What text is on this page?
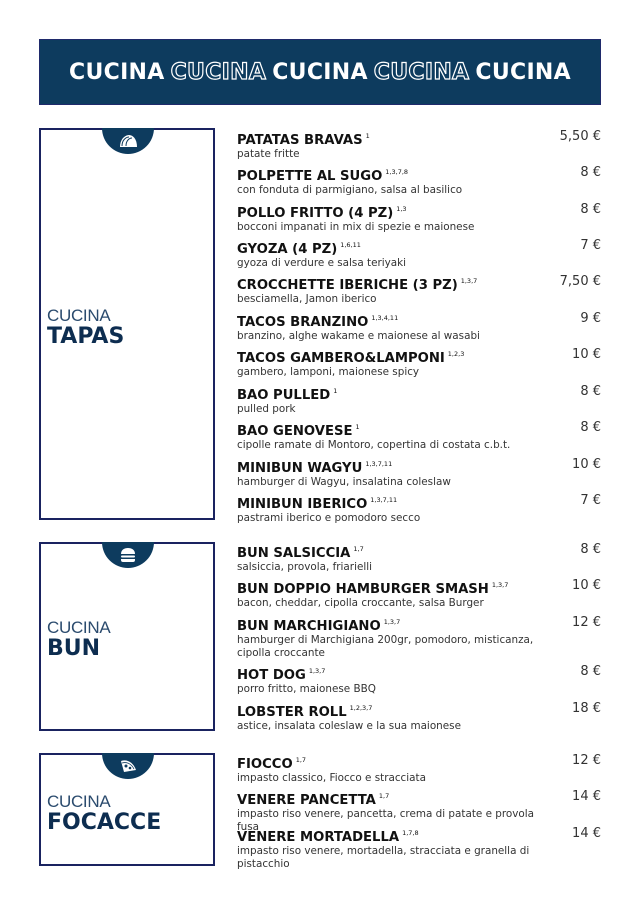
CUCINA CUCINA CUCINA CUCINA CUCINA
CUCINA
TAPAS
CUCINA
BUN
CUCINA
FOCACCE
PATATAS BRAVAS $^1$
patate fritte
5,50 €
POLPETTE AL SUGO $^{1,3,7,8}$
con fonduta di parmigiano, salsa al basilico
8 €
POLLO FRITTO (4 PZ) $^{1,3}$
bocconi impanati in mix di spezie e maionese
8 €
GYOZA (4 PZ) $^{1,6,11}$
gyoza di verdure e salsa teriyaki
7 €
CROCCHETTE IBERICHE (3 PZ) $^{1,3,7}$
besciamella, Jamon iberico
7,50 €
TACOS BRANZINO $^{1,3,4,11}$
branzino, alghe wakame e maionese al wasabi
9 €
TACOS GAMBERO&LAMPONI $^{1,2,3}$
gambero, lamponi, maionese spicy
10 €
BAO PULLED $^1$
pulled pork
8 €
BAO GENOVESE $^1$
cipolle ramate di Montoro, copertina di costata c.b.t.
8 €
MINIBUN WAGYU $^{1,3,7,11}$
hamburger di Wagyu, insalatina coleslaw
10 €
MINIBUN IBERICO $^{1,3,7,11}$
pastrami iberico e pomodoro secco
7 €
BUN SALSICCIA $^{1,7}$
salsiccia, provola, friarielli
8 €
BUN DOPPIO HAMBURGER SMASH $^{1,3,7}$
bacon, cheddar, cipolla croccante, salsa Burger
10 €
BUN MARCHIGIANO $^{1,3,7}$
hamburger di Marchigiana 200gr, pomodoro, misticanza, cipolla croccante
12 €
HOT DOG $^{1,3,7}$
porro fritto, maionese BBQ
8 €
LOBSTER ROLL $^{1,2,3,7}$
astice, insalata coleslaw e la sua maionese
18 €
FIOCCO $^{1,7}$
impasto classico, Fiocco e stracciata
12 €
VENERE PANCETTA $^{1,7}$
impasto riso venere, pancetta, crema di patate e provola fusa
14 €
VENERE MORTADELLA $^{1,7,8}$
impasto riso venere, mortadella, stracciata e granella di pistacchio
14 €
